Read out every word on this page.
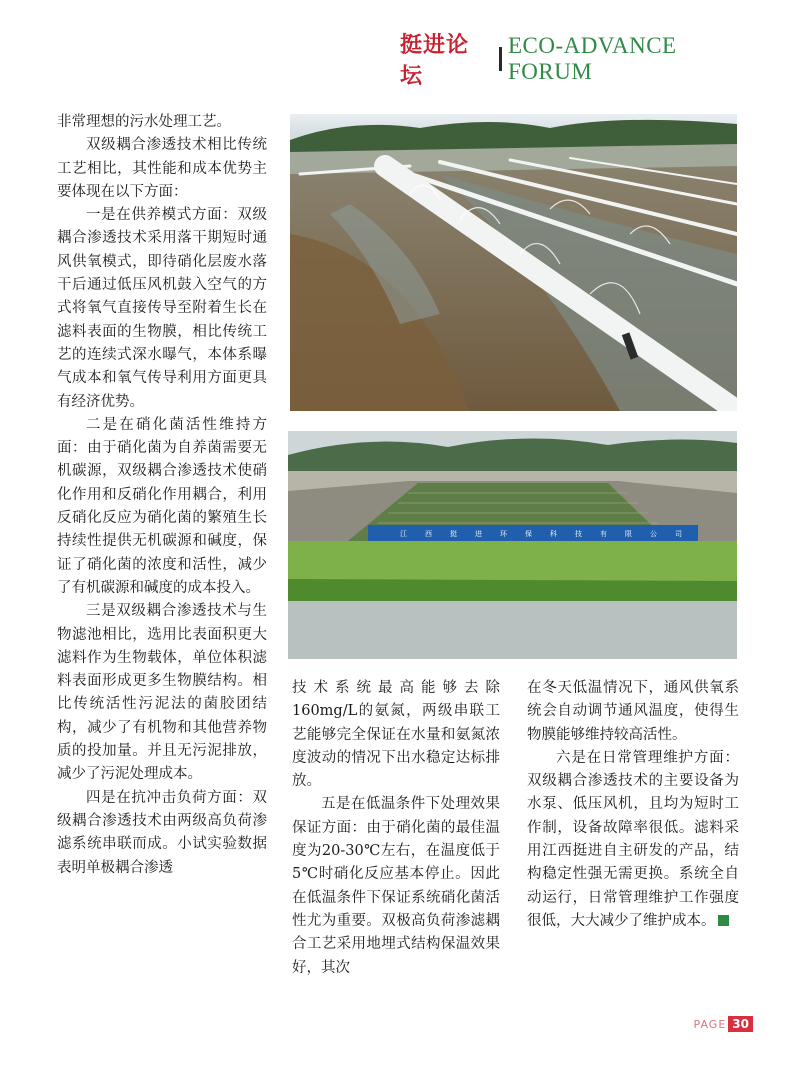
挺进论坛
ECO-ADVANCE FORUM

非常理想的污水处理工艺。

双级耦合渗透技术相比传统工艺相比，其性能和成本优势主要体现在以下方面：

一是在供养模式方面：双级耦合渗透技术采用落干期短时通风供氧模式，即待硝化层废水落干后通过低压风机鼓入空气的方式将氧气直接传导至附着生长在滤料表面的生物膜，相比传统工艺的连续式深水曝气，本体系曝气成本和氧气传导利用方面更具有经济优势。

二是在硝化菌活性维持方面：由于硝化菌为自养菌需要无机碳源，双级耦合渗透技术使硝化作用和反硝化作用耦合，利用反硝化反应为硝化菌的繁殖生长持续性提供无机碳源和碱度，保证了硝化菌的浓度和活性，减少了有机碳源和碱度的成本投入。

三是双级耦合渗透技术与生物滤池相比，选用比表面积更大滤料作为生物载体，单位体积滤料表面形成更多生物膜结构。相比传统活性污泥法的菌胶团结构，减少了有机物和其他营养物质的投加量。并且无污泥排放，减少了污泥处理成本。

四是在抗冲击负荷方面：双级耦合渗透技术由两级高负荷渗滤系统串联而成。小试实验数据表明单极耦合渗透

技术系统最高能够去除160mg/L的氨氮，两级串联工艺能够完全保证在水量和氨氮浓度波动的情况下出水稳定达标排放。

五是在低温条件下处理效果保证方面：由于硝化菌的最佳温度为20-30℃左右，在温度低于5℃时硝化反应基本停止。因此在低温条件下保证系统硝化菌活性尤为重要。双极高负荷渗滤耦合工艺采用地埋式结构保温效果好，其次

在冬天低温情况下，通风供氧系统会自动调节通风温度，使得生物膜能够维持较高活性。

六是在日常管理维护方面：双级耦合渗透技术的主要设备为水泵、低压风机，且均为短时工作制，设备故障率很低。滤料采用江西挺进自主研发的产品，结构稳定性强无需更换。系统全自动运行，日常管理维护工作强度很低，大大减少了维护成本。

江	西	挺	进	环	保	科	技	有	限	公	司
PAGE 30
